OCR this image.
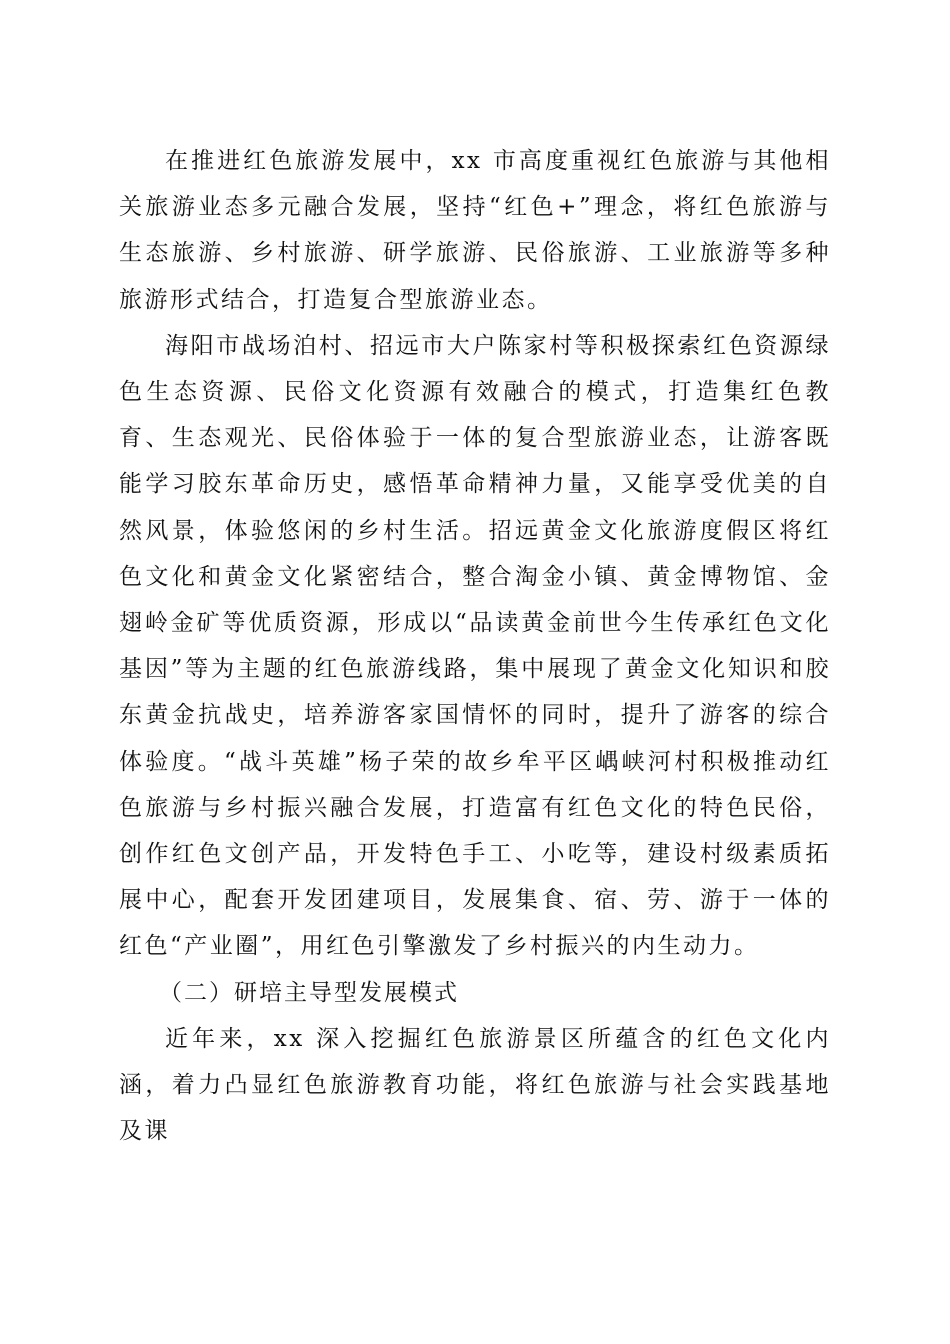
在推进红色旅游发展中，xx 市高度重视红色旅游与其他相关旅游业态多元融合发展，坚持“红色+”理念，将红色旅游与生态旅游、乡村旅游、研学旅游、民俗旅游、工业旅游等多种旅游形式结合，打造复合型旅游业态。

海阳市战场泊村、招远市大户陈家村等积极探索红色资源绿色生态资源、民俗文化资源有效融合的模式，打造集红色教育、生态观光、民俗体验于一体的复合型旅游业态，让游客既能学习胶东革命历史，感悟革命精神力量，又能享受优美的自然风景，体验悠闲的乡村生活。招远黄金文化旅游度假区将红色文化和黄金文化紧密结合，整合淘金小镇、黄金博物馆、金翅岭金矿等优质资源，形成以“品读黄金前世今生传承红色文化基因”等为主题的红色旅游线路，集中展现了黄金文化知识和胶东黄金抗战史，培养游客家国情怀的同时，提升了游客的综合体验度。“战斗英雄”杨子荣的故乡牟平区嵎峡河村积极推动红色旅游与乡村振兴融合发展，打造富有红色文化的特色民俗，创作红色文创产品，开发特色手工、小吃等，建设村级素质拓展中心，配套开发团建项目，发展集食、宿、劳、游于一体的红色“产业圈”，用红色引擎激发了乡村振兴的内生动力。

（二）研培主导型发展模式

近年来，xx 深入挖掘红色旅游景区所蕴含的红色文化内涵，着力凸显红色旅游教育功能，将红色旅游与社会实践基地及课
